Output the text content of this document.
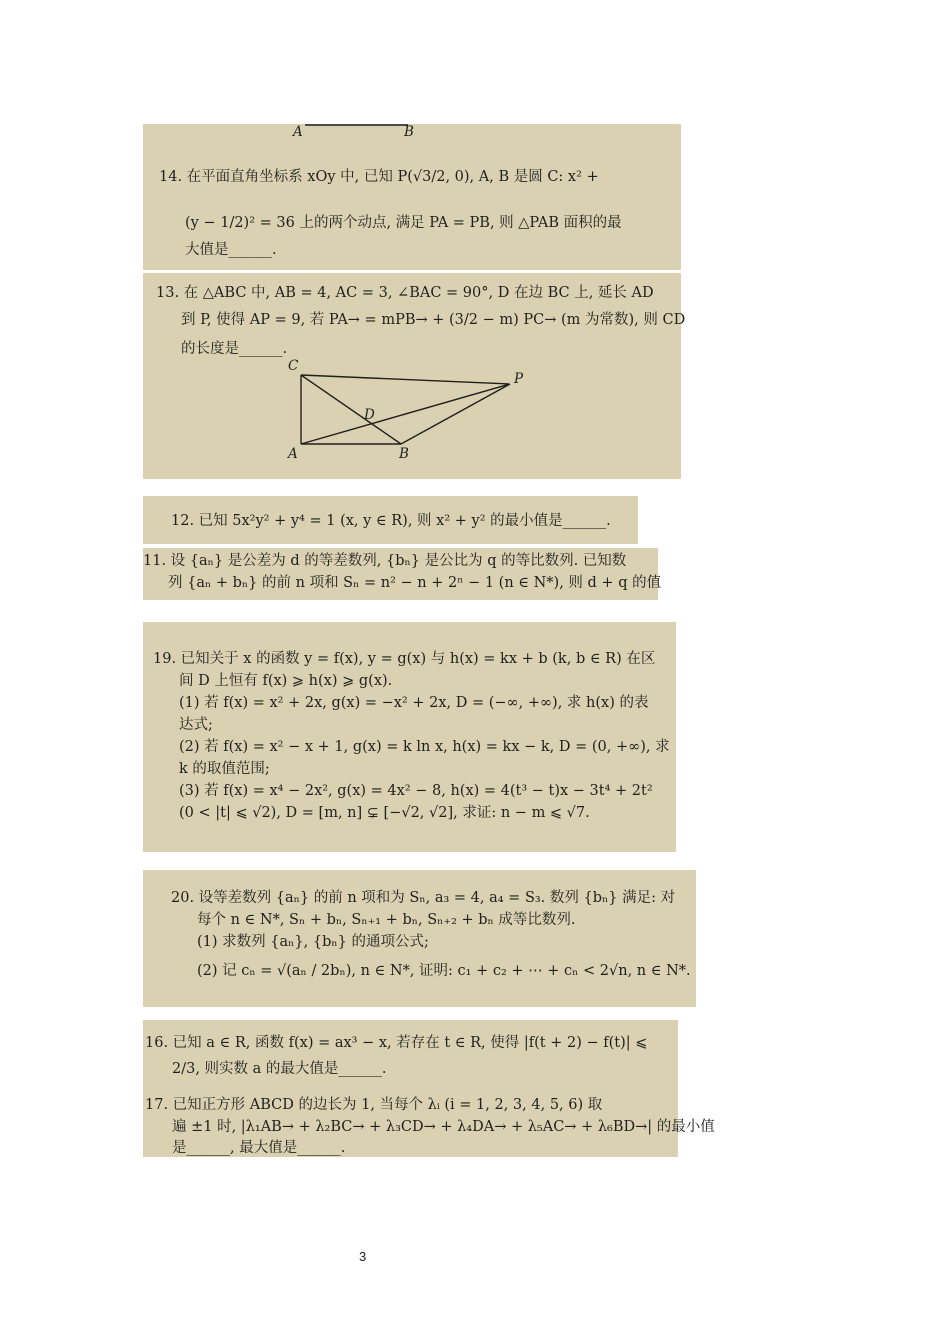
A	B
14. 在平面直角坐标系 xOy 中, 已知 P(√3/2, 0), A, B 是圆 C: x² +
(y − 1/2)² = 36 上的两个动点, 满足 PA = PB, 则 △PAB 面积的最
大值是______.
13. 在 △ABC 中, AB = 4, AC = 3, ∠BAC = 90°, D 在边 BC 上, 延长 AD
到 P, 使得 AP = 9, 若 PA→ = mPB→ + (3/2 − m) PC→ (m 为常数), 则 CD
的长度是______.
C
P
D
A	B
12. 已知 5x²y² + y⁴ = 1 (x, y ∈ R), 则 x² + y² 的最小值是______.
11. 设 {aₙ} 是公差为 d 的等差数列, {bₙ} 是公比为 q 的等比数列. 已知数
列 {aₙ + bₙ} 的前 n 项和 Sₙ = n² − n + 2ⁿ − 1 (n ∈ N*), 则 d + q 的值
19. 已知关于 x 的函数 y = f(x), y = g(x) 与 h(x) = kx + b (k, b ∈ R) 在区
间 D 上恒有 f(x) ⩾ h(x) ⩾ g(x).
(1) 若 f(x) = x² + 2x, g(x) = −x² + 2x, D = (−∞, +∞), 求 h(x) 的表
达式;
(2) 若 f(x) = x² − x + 1, g(x) = k ln x, h(x) = kx − k, D = (0, +∞), 求
k 的取值范围;
(3) 若 f(x) = x⁴ − 2x², g(x) = 4x² − 8, h(x) = 4(t³ − t)x − 3t⁴ + 2t²
(0 < |t| ⩽ √2), D = [m, n] ⊊ [−√2, √2], 求证: n − m ⩽ √7.
20. 设等差数列 {aₙ} 的前 n 项和为 Sₙ, a₃ = 4, a₄ = S₃. 数列 {bₙ} 满足: 对
每个 n ∈ N*, Sₙ + bₙ, Sₙ₊₁ + bₙ, Sₙ₊₂ + bₙ 成等比数列.
(1) 求数列 {aₙ}, {bₙ} 的通项公式;
(2) 记 cₙ = √(aₙ / 2bₙ), n ∈ N*, 证明: c₁ + c₂ + ⋯ + cₙ < 2√n, n ∈ N*.
16. 已知 a ∈ R, 函数 f(x) = ax³ − x, 若存在 t ∈ R, 使得 |f(t + 2) − f(t)| ⩽
2/3, 则实数 a 的最大值是______.
17. 已知正方形 ABCD 的边长为 1, 当每个 λᵢ (i = 1, 2, 3, 4, 5, 6) 取
遍 ±1 时, |λ₁AB→ + λ₂BC→ + λ₃CD→ + λ₄DA→ + λ₅AC→ + λ₆BD→| 的最小值
是______, 最大值是______.
3
